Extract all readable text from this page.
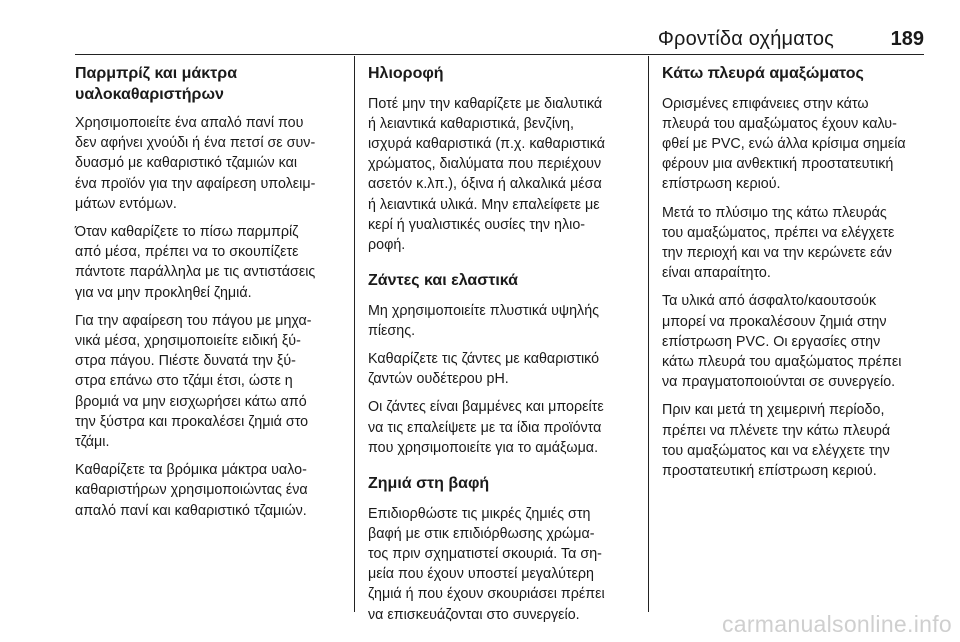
Φροντίδα οχήματος	189
Παρμπρίζ και μάκτρα
υαλοκαθαριστήρων
Χρησιμοποιείτε ένα απαλό πανί που
δεν αφήνει χνούδι ή ένα πετσί σε συν-
δυασμό με καθαριστικό τζαμιών και
ένα προϊόν για την αφαίρεση υπολειμ-
μάτων εντόμων.
Όταν καθαρίζετε το πίσω παρμπρίζ
από μέσα, πρέπει να το σκουπίζετε
πάντοτε παράλληλα με τις αντιστάσεις
για να μην προκληθεί ζημιά.
Για την αφαίρεση του πάγου με μηχα-
νικά μέσα, χρησιμοποιείτε ειδική ξύ-
στρα πάγου. Πιέστε δυνατά την ξύ-
στρα επάνω στο τζάμι έτσι, ώστε η
βρομιά να μην εισχωρήσει κάτω από
την ξύστρα και προκαλέσει ζημιά στο
τζάμι.
Καθαρίζετε τα βρόμικα μάκτρα υαλο-
καθαριστήρων χρησιμοποιώντας ένα
απαλό πανί και καθαριστικό τζαμιών.
Ηλιοροφή
Ποτέ μην την καθαρίζετε με διαλυτικά
ή λειαντικά καθαριστικά, βενζίνη,
ισχυρά καθαριστικά (π.χ. καθαριστικά
χρώματος, διαλύματα που περιέχουν
ασετόν κ.λπ.), όξινα ή αλκαλικά μέσα
ή λειαντικά υλικά. Μην επαλείφετε με
κερί ή γυαλιστικές ουσίες την ηλιο-
ροφή.
Ζάντες και ελαστικά
Μη χρησιμοποιείτε πλυστικά υψηλής
πίεσης.
Καθαρίζετε τις ζάντες με καθαριστικό
ζαντών ουδέτερου pH.
Οι ζάντες είναι βαμμένες και μπορείτε
να τις επαλείψετε με τα ίδια προϊόντα
που χρησιμοποιείτε για το αμάξωμα.
Ζημιά στη βαφή
Επιδιορθώστε τις μικρές ζημιές στη
βαφή με στικ επιδιόρθωσης χρώμα-
τος πριν σχηματιστεί σκουριά. Τα ση-
μεία που έχουν υποστεί μεγαλύτερη
ζημιά ή που έχουν σκουριάσει πρέπει
να επισκευάζονται στο συνεργείο.
Κάτω πλευρά αμαξώματος
Ορισμένες επιφάνειες στην κάτω
πλευρά του αμαξώματος έχουν καλυ-
φθεί με PVC, ενώ άλλα κρίσιμα σημεία
φέρουν μια ανθεκτική προστατευτική
επίστρωση κεριού.
Μετά το πλύσιμο της κάτω πλευράς
του αμαξώματος, πρέπει να ελέγχετε
την περιοχή και να την κερώνετε εάν
είναι απαραίτητο.
Τα υλικά από άσφαλτο/καουτσούκ
μπορεί να προκαλέσουν ζημιά στην
επίστρωση PVC. Οι εργασίες στην
κάτω πλευρά του αμαξώματος πρέπει
να πραγματοποιούνται σε συνεργείο.
Πριν και μετά τη χειμερινή περίοδο,
πρέπει να πλένετε την κάτω πλευρά
του αμαξώματος και να ελέγχετε την
προστατευτική επίστρωση κεριού.
carmanualsonline.info
